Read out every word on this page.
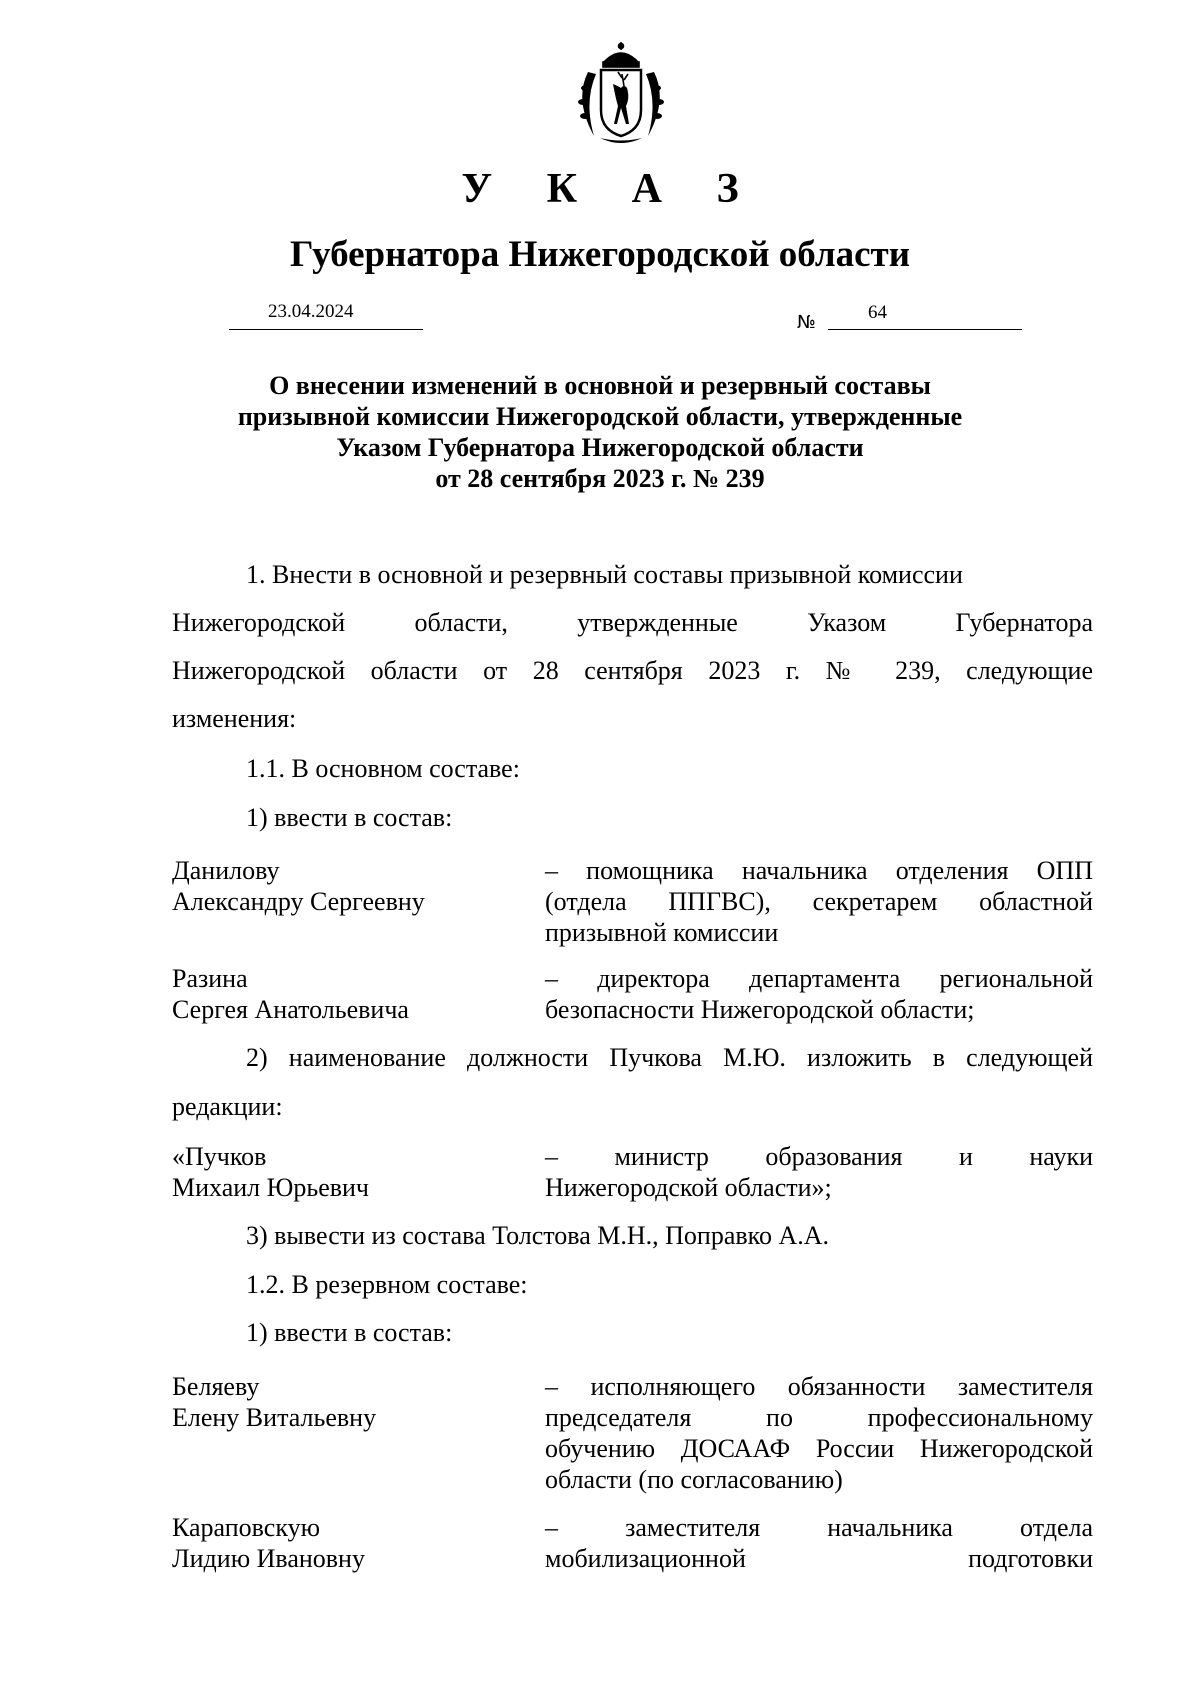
У К А З
Губернатора Нижегородской области
23.04.2024
№	64
О внесении изменений в основной и резервный составы
призывной комиссии Нижегородской области, утвержденные
Указом Губернатора Нижегородской области
от 28 сентября 2023 г. № 239
1. Внести в основной и резервный составы призывной комиссии
Нижегородской области, утвержденные Указом Губернатора
Нижегородской области от 28 сентября 2023 г. № 239, следующие
изменения:
1.1. В основном составе:
1) ввести в состав:
Данилову
Александру Сергеевну
– помощника начальника отделения ОПП
(отдела ППГВС), секретарем областной
призывной комиссии
Разина
Сергея Анатольевича
– директора департамента региональной
безопасности Нижегородской области;
2) наименование должности Пучкова М.Ю. изложить в следующей
редакции:
«Пучков
Михаил Юрьевич
– министр образования и науки
Нижегородской области»;
3) вывести из состава Толстова М.Н., Поправко А.А.
1.2. В резервном составе:
1) ввести в состав:
Беляеву
Елену Витальевну
– исполняющего обязанности заместителя
председателя по профессиональному
обучению ДОСААФ России Нижегородской
области (по согласованию)
Караповскую
Лидию Ивановну
– заместителя начальника отдела
мобилизационной подготовки
